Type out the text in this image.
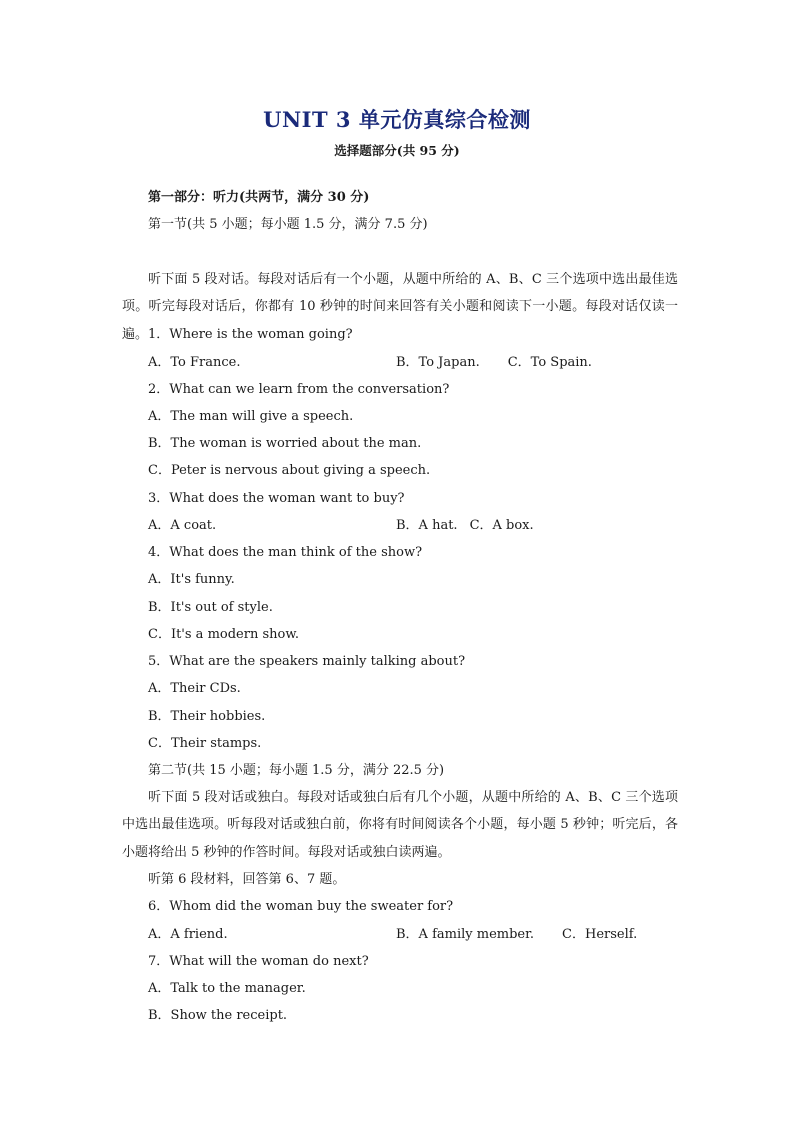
UNIT 3 单元仿真综合检测
选择题部分(共 95 分)
第一部分：听力(共两节，满分 30 分)
第一节(共 5 小题；每小题 1.5 分，满分 7.5 分)
听下面 5 段对话。每段对话后有一个小题，从题中所给的 A、B、C 三个选项中选出最佳选项。听完每段对话后，你都有 10 秒钟的时间来回答有关小题和阅读下一小题。每段对话仅读一遍。 1．Where is the woman going?
A．To France.	B．To Japan. C．To Spain.
2．What can we learn from the conversation?
A．The man will give a speech.
B．The woman is worried about the man.
C．Peter is nervous about giving a speech.
3．What does the woman want to buy?
A．A coat.	B．A hat. C．A box.
4．What does the man think of the show?
A．It's funny.
B．It's out of style.
C．It's a modern show.
5．What are the speakers mainly talking about?
A．Their CDs.
B．Their hobbies.
C．Their stamps.
第二节(共 15 小题；每小题 1.5 分，满分 22.5 分)
听下面 5 段对话或独白。每段对话或独白后有几个小题，从题中所给的 A、B、C 三个选项中选出最佳选项。听每段对话或独白前，你将有时间阅读各个小题，每小题 5 秒钟；听完后，各小题将给出 5 秒钟的作答时间。每段对话或独白读两遍。
听第 6 段材料，回答第 6、7 题。
6．Whom did the woman buy the sweater for?
A．A friend.	B．A family member. C．Herself.
7．What will the woman do next?
A．Talk to the manager.
B．Show the receipt.
